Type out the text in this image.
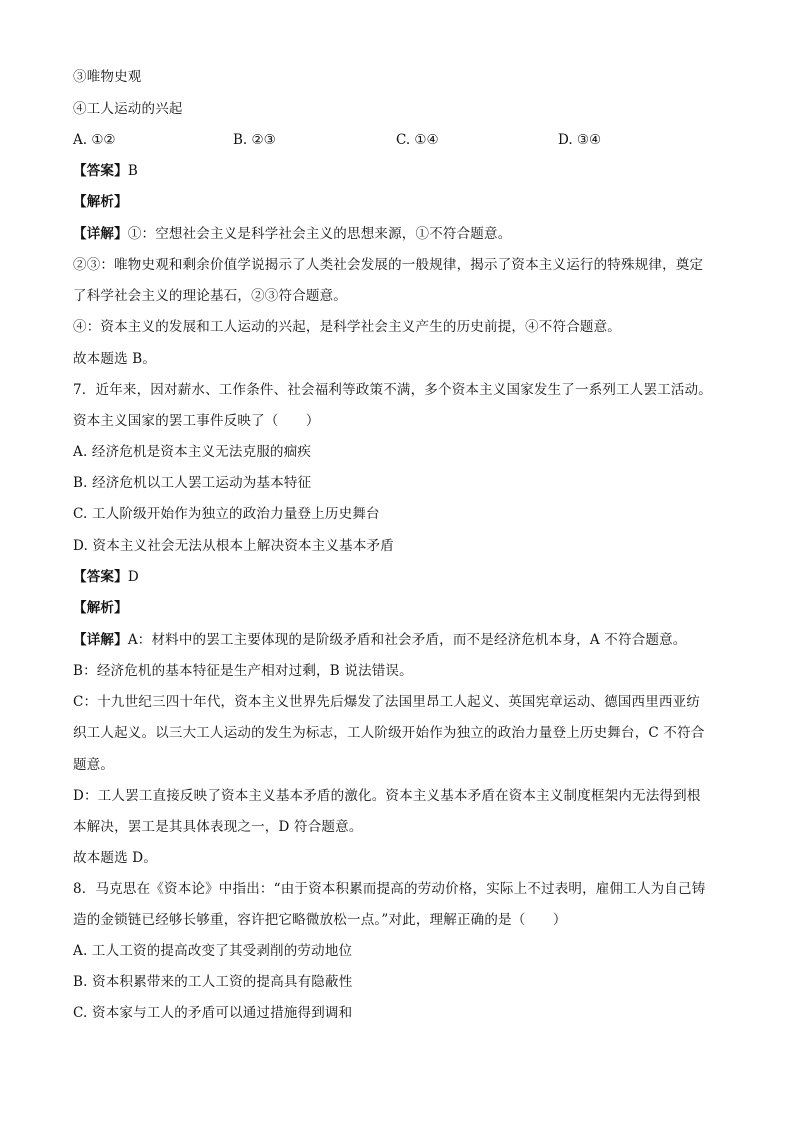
③唯物史观
④工人运动的兴起
A. ①②	B. ②③	C. ①④	D. ③④
【答案】B
【解析】
【详解】①：空想社会主义是科学社会主义的思想来源，①不符合题意。
②③：唯物史观和剩余价值学说揭示了人类社会发展的一般规律，揭示了资本主义运行的特殊规律，奠定
了科学社会主义的理论基石，②③符合题意。
④：资本主义的发展和工人运动的兴起，是科学社会主义产生的历史前提，④不符合题意。
故本题选 B。
7．近年来，因对薪水、工作条件、社会福利等政策不满，多个资本主义国家发生了一系列工人罢工活动。
资本主义国家的罢工事件反映了（　　）
A. 经济危机是资本主义无法克服的痼疾
B. 经济危机以工人罢工运动为基本特征
C. 工人阶级开始作为独立的政治力量登上历史舞台
D. 资本主义社会无法从根本上解决资本主义基本矛盾
【答案】D
【解析】
【详解】A：材料中的罢工主要体现的是阶级矛盾和社会矛盾，而不是经济危机本身，A 不符合题意。
B：经济危机的基本特征是生产相对过剩，B 说法错误。
C：十九世纪三四十年代，资本主义世界先后爆发了法国里昂工人起义、英国宪章运动、德国西里西亚纺
织工人起义。以三大工人运动的发生为标志，工人阶级开始作为独立的政治力量登上历史舞台，C 不符合
题意。
D：工人罢工直接反映了资本主义基本矛盾的激化。资本主义基本矛盾在资本主义制度框架内无法得到根
本解决，罢工是其具体表现之一，D 符合题意。
故本题选 D。
8．马克思在《资本论》中指出：“由于资本积累而提高的劳动价格，实际上不过表明，雇佣工人为自己铸
造的金锁链已经够长够重，容许把它略微放松一点。”对此，理解正确的是（　　）
A. 工人工资的提高改变了其受剥削的劳动地位
B. 资本积累带来的工人工资的提高具有隐蔽性
C. 资本家与工人的矛盾可以通过措施得到调和
